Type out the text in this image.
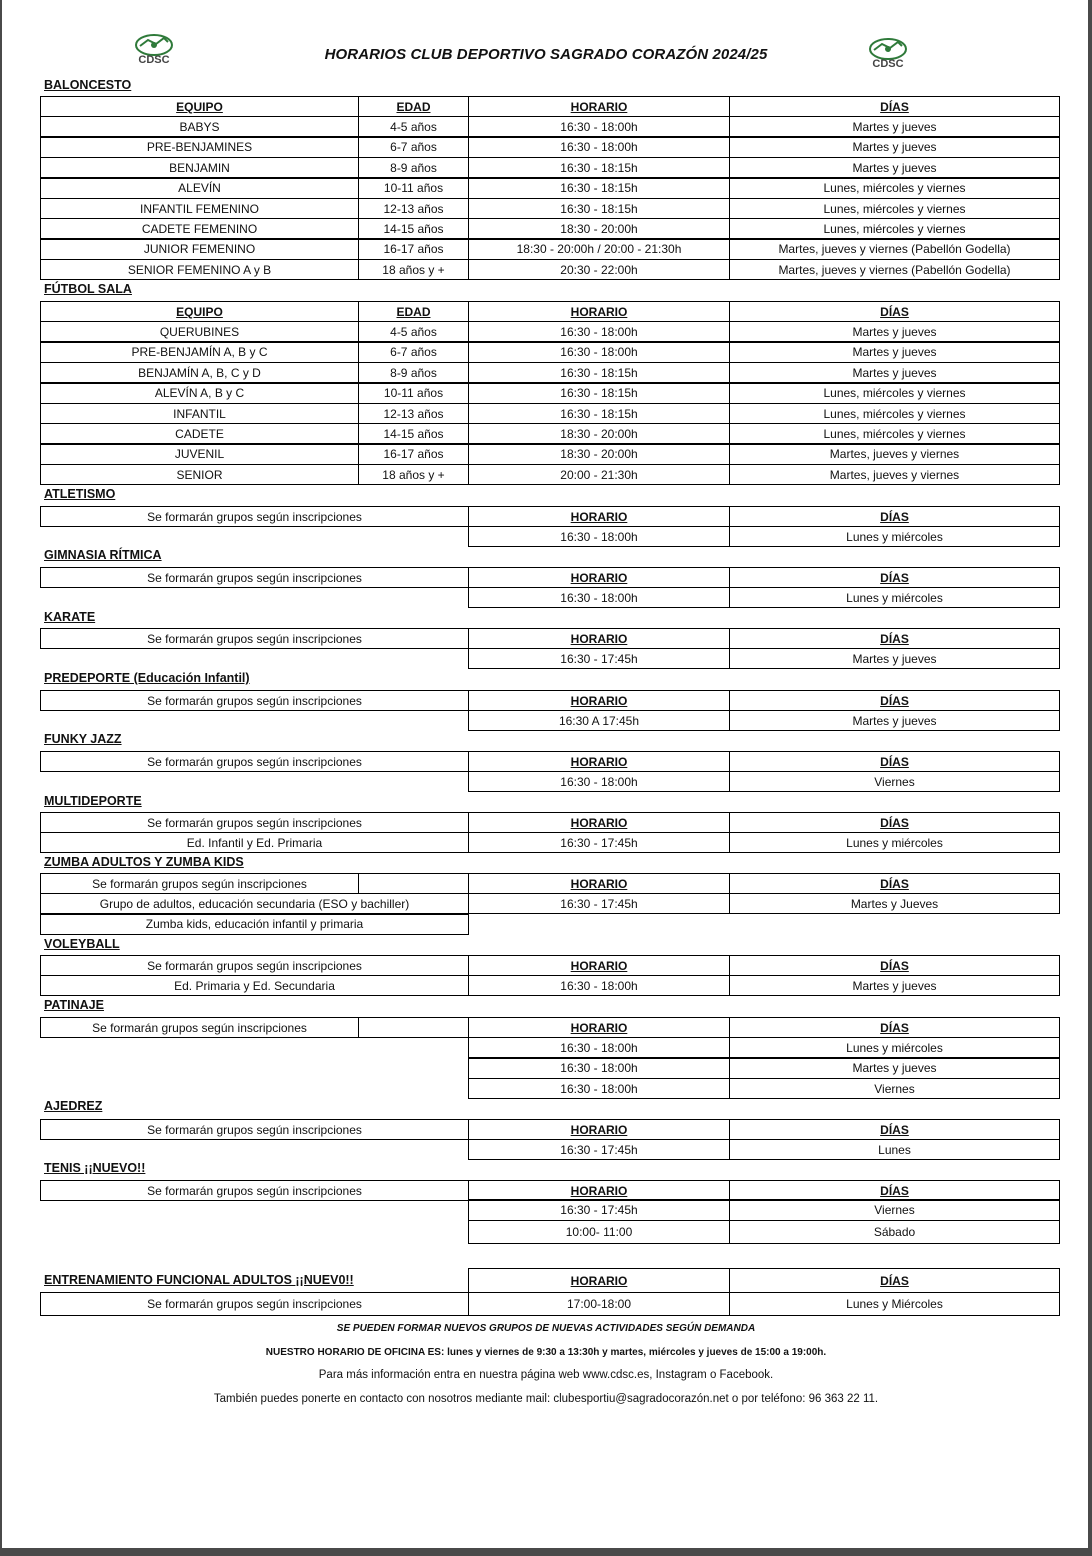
CDSC	CDSC
HORARIOS CLUB DEPORTIVO SAGRADO CORAZÓN 2024/25
BALONCESTO
EQUIPO	EDAD	HORARIO	DÍAS
BABYS	4-5 años	16:30 - 18:00h	Martes y jueves
PRE-BENJAMINES	6-7 años	16:30 - 18:00h	Martes y jueves
BENJAMIN	8-9 años	16:30 - 18:15h	Martes y jueves
ALEVÍN	10-11 años	16:30 - 18:15h	Lunes, miércoles y viernes
INFANTIL FEMENINO	12-13 años	16:30 - 18:15h	Lunes, miércoles y viernes
CADETE FEMENINO	14-15 años	18:30 - 20:00h	Lunes, miércoles y viernes
JUNIOR FEMENINO	16-17 años	18:30 - 20:00h / 20:00 - 21:30h	Martes, jueves y viernes (Pabellón Godella)
SENIOR FEMENINO A y B	18 años y +	20:30 - 22:00h	Martes, jueves y viernes (Pabellón Godella)
FÚTBOL SALA
EQUIPO	EDAD	HORARIO	DÍAS
QUERUBINES	4-5 años	16:30 - 18:00h	Martes y jueves
PRE-BENJAMÍN A, B y C	6-7 años	16:30 - 18:00h	Martes y jueves
BENJAMÍN A, B, C y D	8-9 años	16:30 - 18:15h	Martes y jueves
ALEVÍN A, B y C	10-11 años	16:30 - 18:15h	Lunes, miércoles y viernes
INFANTIL	12-13 años	16:30 - 18:15h	Lunes, miércoles y viernes
CADETE	14-15 años	18:30 - 20:00h	Lunes, miércoles y viernes
JUVENIL	16-17 años	18:30 - 20:00h	Martes, jueves y viernes
SENIOR	18 años y +	20:00 - 21:30h	Martes, jueves y viernes
ATLETISMO
Se formarán grupos según inscripciones	HORARIO	DÍAS
16:30 - 18:00h	Lunes y miércoles
GIMNASIA RÍTMICA
Se formarán grupos según inscripciones	HORARIO	DÍAS
16:30 - 18:00h	Lunes y miércoles
KARATE
Se formarán grupos según inscripciones	HORARIO	DÍAS
16:30 - 17:45h	Martes y jueves
PREDEPORTE (Educación Infantil)
Se formarán grupos según inscripciones	HORARIO	DÍAS
16:30 A 17:45h	Martes y jueves
FUNKY JAZZ
Se formarán grupos según inscripciones	HORARIO	DÍAS
16:30 - 18:00h	Viernes
MULTIDEPORTE
Se formarán grupos según inscripciones	HORARIO	DÍAS
Ed. Infantil y Ed. Primaria	16:30 - 17:45h	Lunes y miércoles
ZUMBA ADULTOS Y ZUMBA KIDS
Se formarán grupos según inscripciones	HORARIO	DÍAS
Grupo de adultos, educación secundaria (ESO y bachiller)	16:30 - 17:45h	Martes y Jueves
Zumba kids, educación infantil y primaria
VOLEYBALL
Se formarán grupos según inscripciones	HORARIO	DÍAS
Ed. Primaria y Ed. Secundaria	16:30 - 18:00h	Martes y jueves
PATINAJE
Se formarán grupos según inscripciones	HORARIO	DÍAS
16:30 - 18:00h	Lunes y miércoles
16:30 - 18:00h	Martes y jueves
16:30 - 18:00h	Viernes
AJEDREZ
Se formarán grupos según inscripciones	HORARIO	DÍAS
16:30 - 17:45h	Lunes
TENIS ¡¡NUEVO!!
Se formarán grupos según inscripciones	HORARIO	DÍAS
16:30 - 17:45h	Viernes
10:00- 11:00	Sábado
ENTRENAMIENTO FUNCIONAL ADULTOS ¡¡NUEV0!!	HORARIO	DÍAS
Se formarán grupos según inscripciones	17:00-18:00	Lunes y Miércoles
SE PUEDEN FORMAR NUEVOS GRUPOS DE NUEVAS ACTIVIDADES SEGÚN DEMANDA
NUESTRO HORARIO DE OFICINA ES: lunes y viernes de 9:30 a 13:30h y martes, miércoles y jueves de 15:00 a 19:00h.
Para más información entra en nuestra página web www.cdsc.es, Instagram o Facebook.
También puedes ponerte en contacto con nosotros mediante mail: clubesportiu@sagradocorazón.net o por teléfono: 96 363 22 11.
